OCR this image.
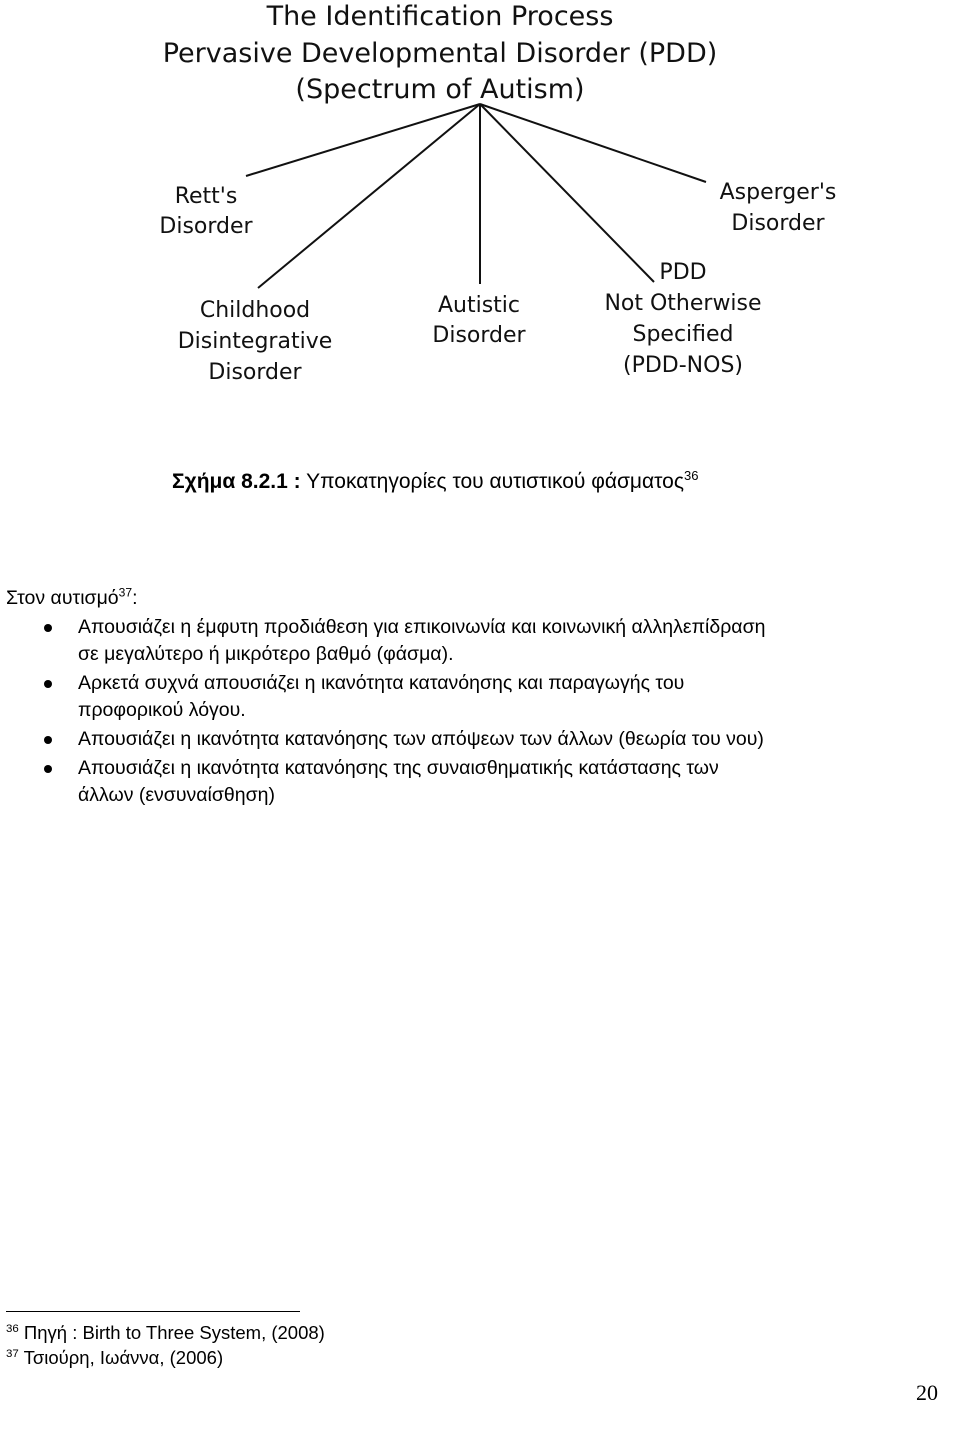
The Identification Process
Pervasive Developmental Disorder (PDD)
(Spectrum of Autism)
Rett's
Disorder
Childhood
Disintegrative
Disorder
Autistic
Disorder
PDD
Not Otherwise
Specified
(PDD-NOS)
Asperger's
Disorder
Σχήμα 8.2.1 : Υποκατηγορίες του αυτιστικού φάσματος$^{36}$
Στον αυτισμό$^{37}$:
Απουσιάζει η έμφυτη προδιάθεση για επικοινωνία και κοινωνική αλληλεπίδραση
σε μεγαλύτερο ή μικρότερο βαθμό (φάσμα).
Αρκετά συχνά απουσιάζει η ικανότητα κατανόησης και παραγωγής του
προφορικού λόγου.
Απουσιάζει η ικανότητα κατανόησης των απόψεων των άλλων (θεωρία του νου)
Απουσιάζει η ικανότητα κατανόησης της συναισθηματικής κατάστασης των
άλλων (ενσυναίσθηση)
$^{36}$ Πηγή : Birth to Three System, (2008)
$^{37}$ Τσιούρη, Ιωάννα, (2006)
20
